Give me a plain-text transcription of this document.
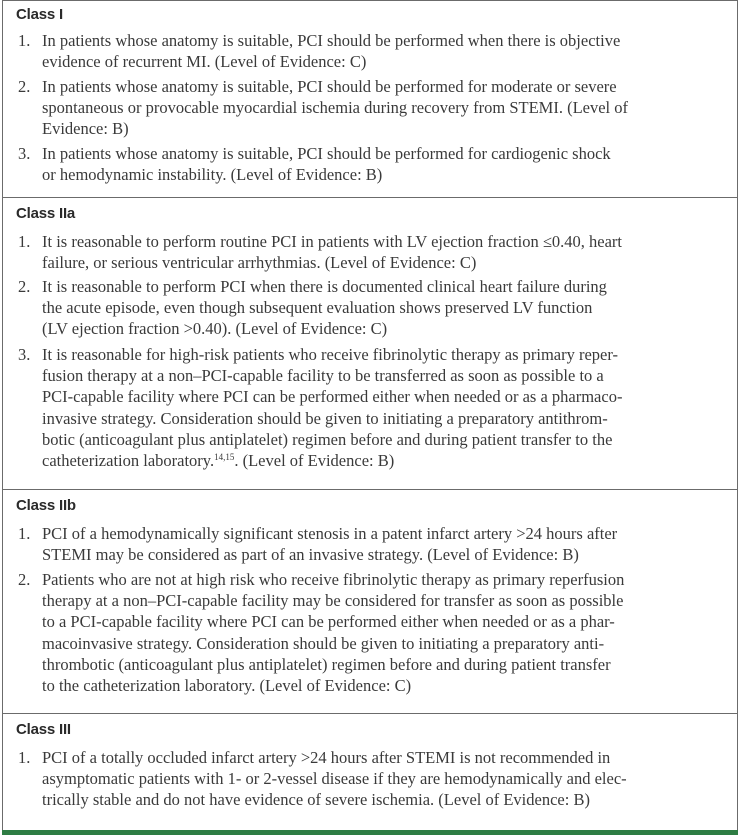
Class I
1. In patients whose anatomy is suitable, PCI should be performed when there is objective
evidence of recurrent MI. (Level of Evidence: C)
2. In patients whose anatomy is suitable, PCI should be performed for moderate or severe
spontaneous or provocable myocardial ischemia during recovery from STEMI. (Level of
Evidence: B)
3. In patients whose anatomy is suitable, PCI should be performed for cardiogenic shock
or hemodynamic instability. (Level of Evidence: B)
Class IIa
1. It is reasonable to perform routine PCI in patients with LV ejection fraction ≤0.40, heart
failure, or serious ventricular arrhythmias. (Level of Evidence: C)
2. It is reasonable to perform PCI when there is documented clinical heart failure during
the acute episode, even though subsequent evaluation shows preserved LV function
(LV ejection fraction >0.40). (Level of Evidence: C)
3. It is reasonable for high-risk patients who receive fibrinolytic therapy as primary reper-
fusion therapy at a non–PCI-capable facility to be transferred as soon as possible to a
PCI-capable facility where PCI can be performed either when needed or as a pharmaco-
invasive strategy. Consideration should be given to initiating a preparatory antithrom-
botic (anticoagulant plus antiplatelet) regimen before and during patient transfer to the
catheterization laboratory.$^{14,15}$. (Level of Evidence: B)
Class IIb
1. PCI of a hemodynamically significant stenosis in a patent infarct artery >24 hours after
STEMI may be considered as part of an invasive strategy. (Level of Evidence: B)
2. Patients who are not at high risk who receive fibrinolytic therapy as primary reperfusion
therapy at a non–PCI-capable facility may be considered for transfer as soon as possible
to a PCI-capable facility where PCI can be performed either when needed or as a phar-
macoinvasive strategy. Consideration should be given to initiating a preparatory anti-
thrombotic (anticoagulant plus antiplatelet) regimen before and during patient transfer
to the catheterization laboratory. (Level of Evidence: C)
Class III
1. PCI of a totally occluded infarct artery >24 hours after STEMI is not recommended in
asymptomatic patients with 1- or 2-vessel disease if they are hemodynamically and elec-
trically stable and do not have evidence of severe ischemia. (Level of Evidence: B)
